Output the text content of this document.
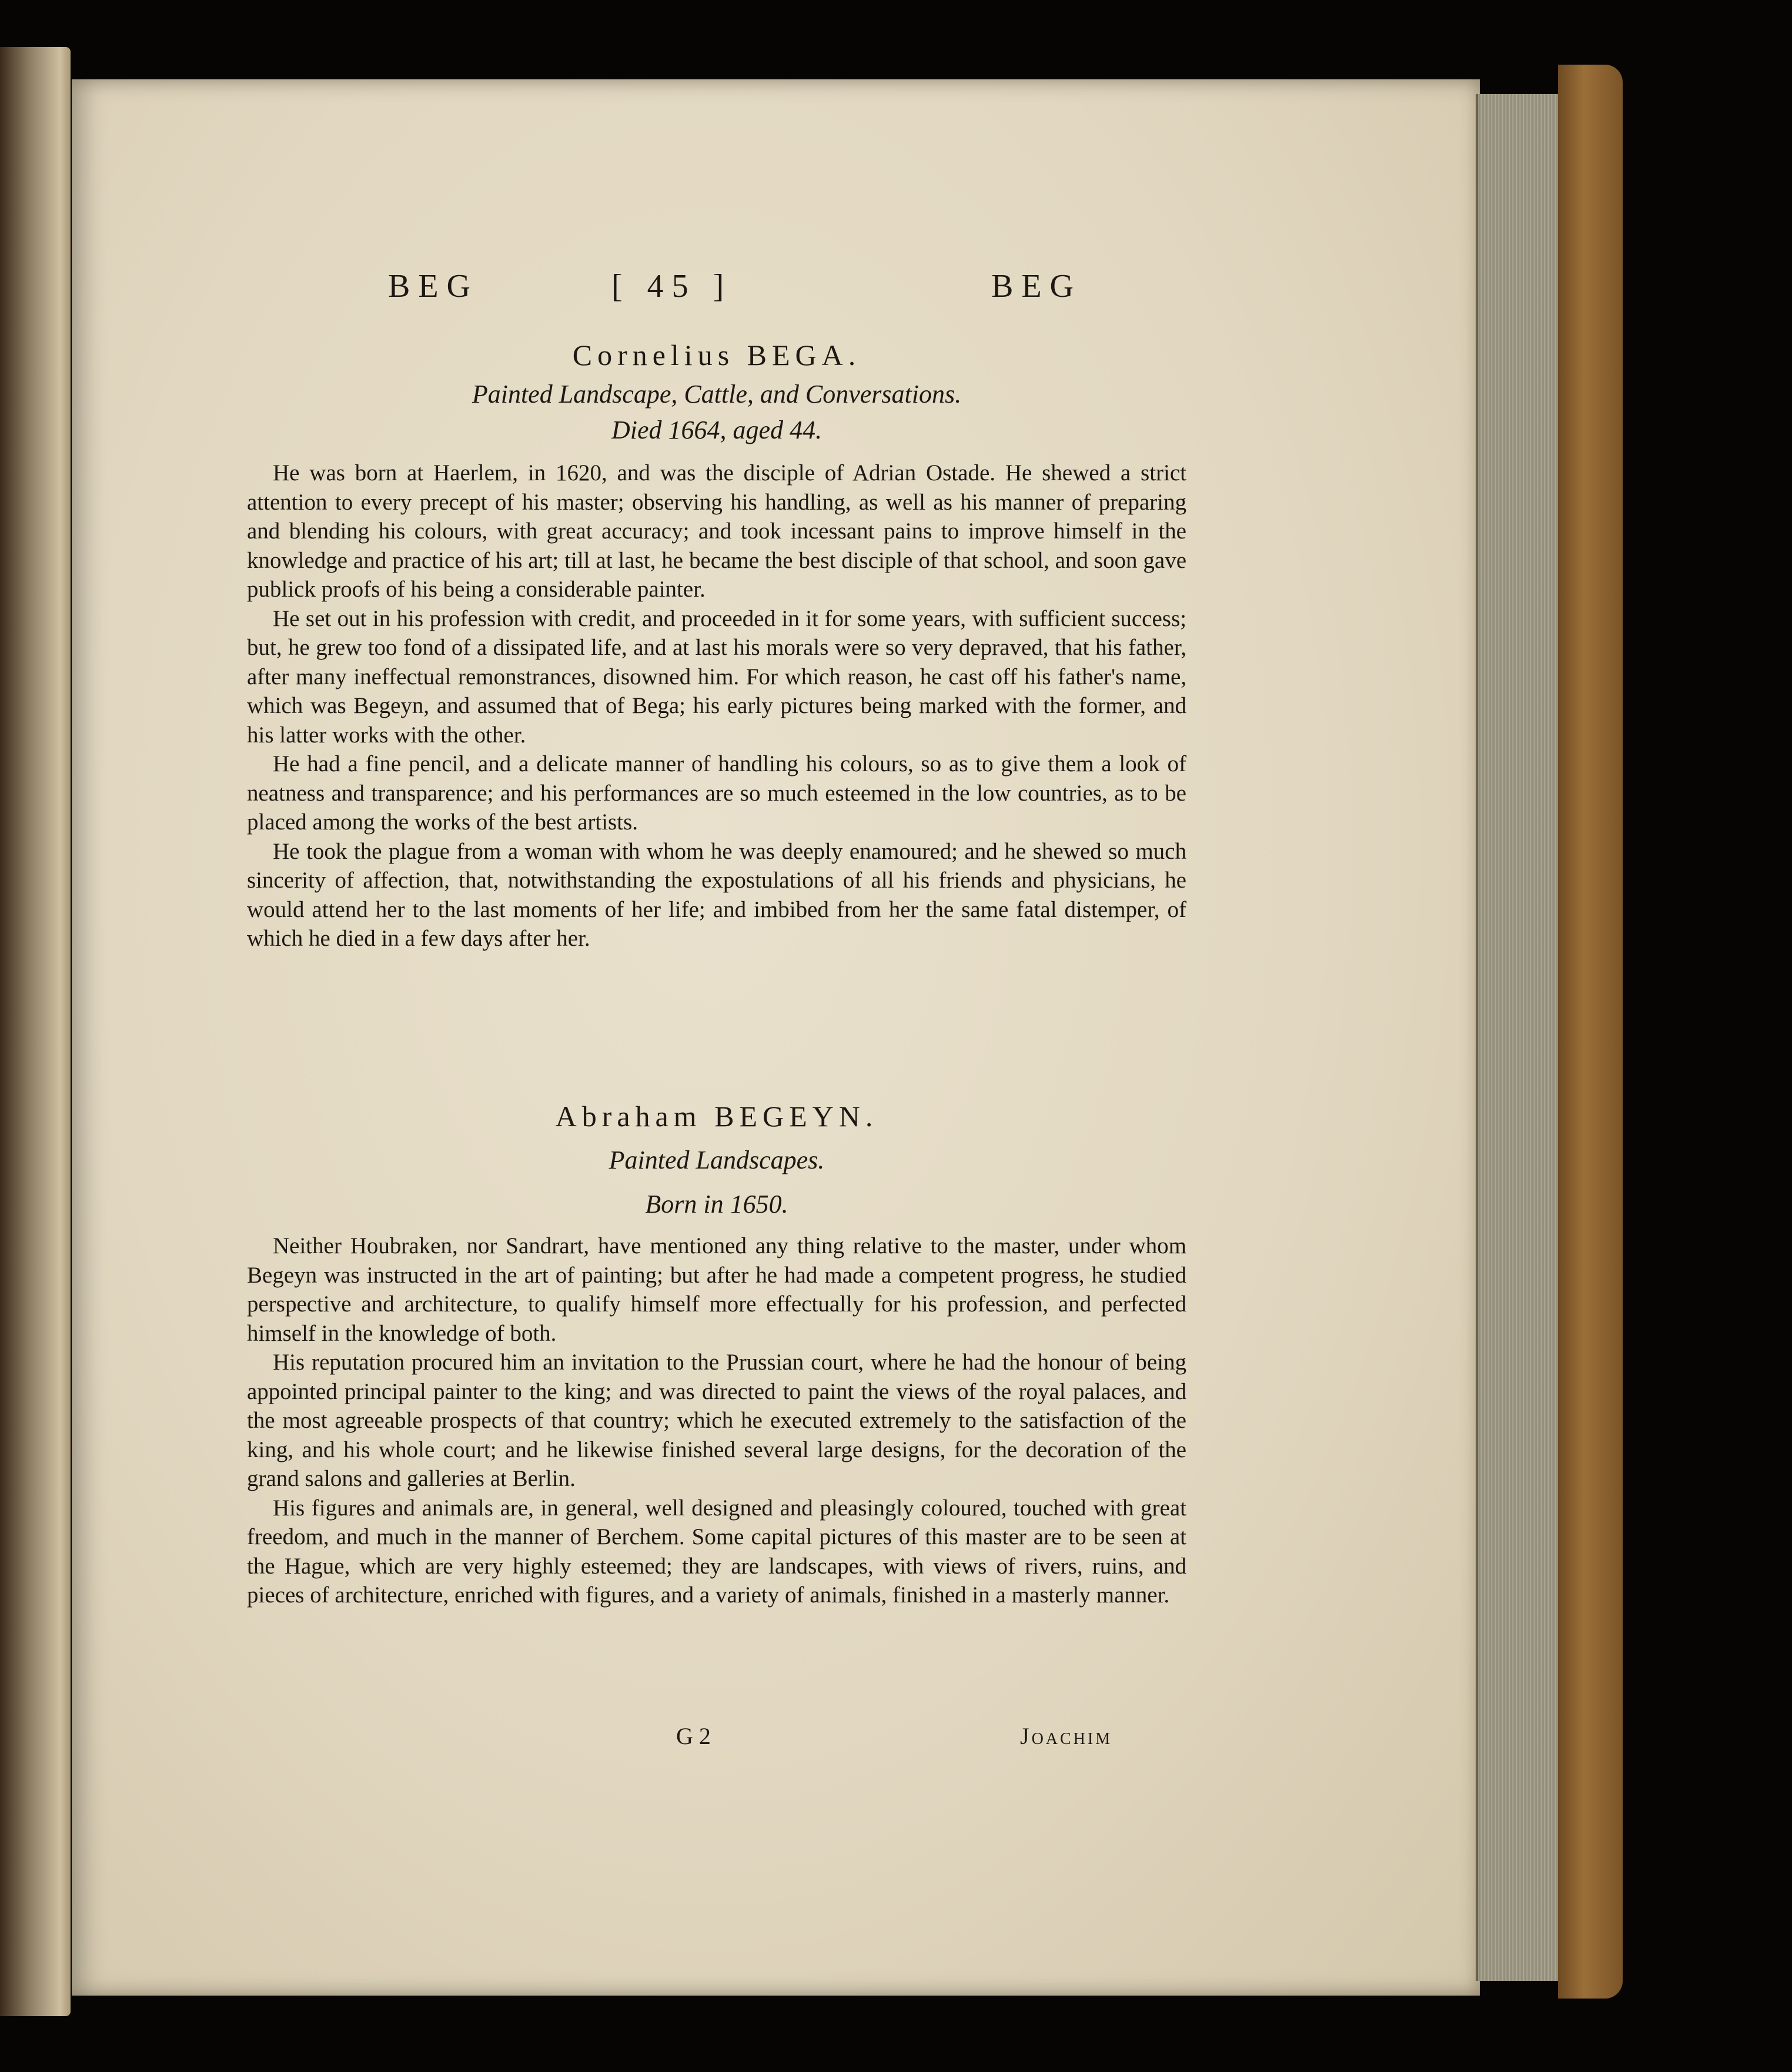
BEG	[ 45 ]	BEG
Cornelius BEGA.
Painted Landscape, Cattle, and Conversations.
Died 1664, aged 44.

He was born at Haerlem, in 1620, and was the disciple of Adrian Ostade. He shewed a strict attention to every precept of his master; observing his handling, as well as his manner of preparing and blending his colours, with great accuracy; and took incessant pains to improve himself in the knowledge and practice of his art; till at last, he became the best disciple of that school, and soon gave publick proofs of his being a considerable painter.

He set out in his profession with credit, and proceeded in it for some years, with sufficient success; but, he grew too fond of a dissipated life, and at last his morals were so very depraved, that his father, after many ineffectual remonstrances, disowned him. For which reason, he cast off his father's name, which was Begeyn, and assumed that of Bega; his early pictures being marked with the former, and his latter works with the other.

He had a fine pencil, and a delicate manner of handling his colours, so as to give them a look of neatness and transparence; and his performances are so much esteemed in the low countries, as to be placed among the works of the best artists.

He took the plague from a woman with whom he was deeply enamoured; and he shewed so much sincerity of affection, that, notwithstanding the expostulations of all his friends and physicians, he would attend her to the last moments of her life; and imbibed from her the same fatal distemper, of which he died in a few days after her.

Abraham BEGEYN.
Painted Landscapes.
Born in 1650.

Neither Houbraken, nor Sandrart, have mentioned any thing relative to the master, under whom Begeyn was instructed in the art of painting; but after he had made a competent progress, he studied perspective and architecture, to qualify himself more effectually for his profession, and perfected himself in the knowledge of both.

His reputation procured him an invitation to the Prussian court, where he had the honour of being appointed principal painter to the king; and was directed to paint the views of the royal palaces, and the most agreeable prospects of that country; which he executed extremely to the satisfaction of the king, and his whole court; and he likewise finished several large designs, for the decoration of the grand salons and galleries at Berlin.

His figures and animals are, in general, well designed and pleasingly coloured, touched with great freedom, and much in the manner of Berchem. Some capital pictures of this master are to be seen at the Hague, which are very highly esteemed; they are landscapes, with views of rivers, ruins, and pieces of architecture, enriched with figures, and a variety of animals, finished in a masterly manner.

G 2	Joachim
